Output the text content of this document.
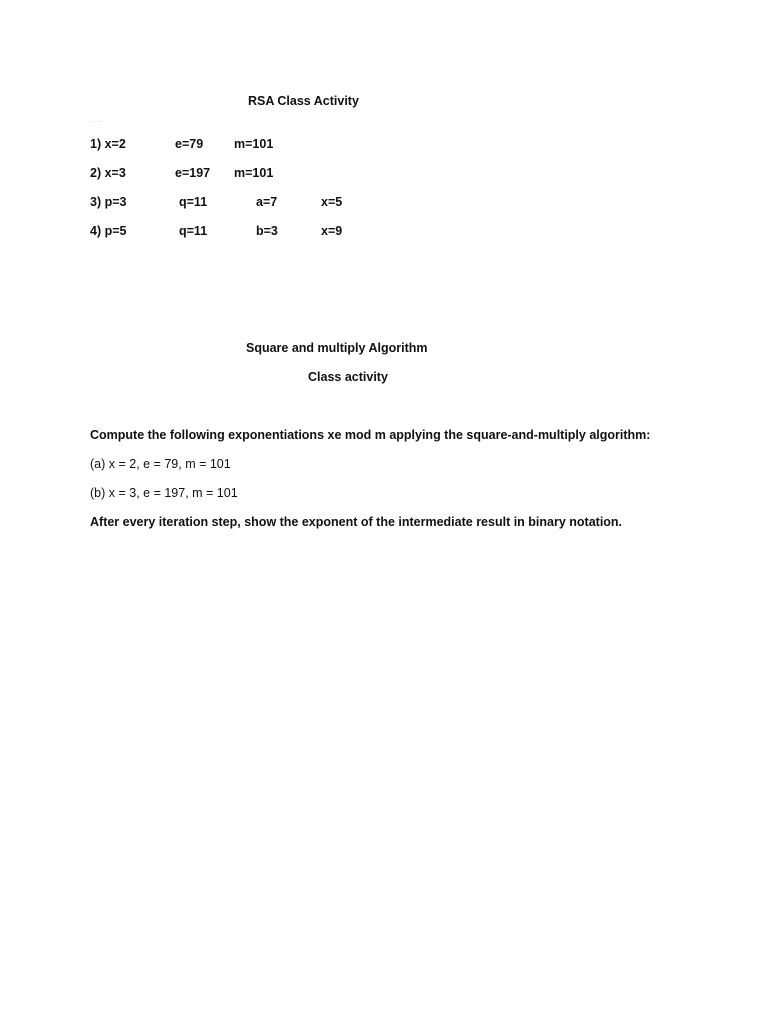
RSA Class Activity
......
1) x=2	e=79 m=101
2) x=3	e=197 m=101
3) p=3	q=11	a=7	x=5
4) p=5	q=11	b=3	x=9
Square and multiply Algorithm
Class activity
Compute the following exponentiations xe mod m applying the square-and-multiply algorithm:
(a) x = 2, e = 79, m = 101
(b) x = 3, e = 197, m = 101
After every iteration step, show the exponent of the intermediate result in binary notation.
